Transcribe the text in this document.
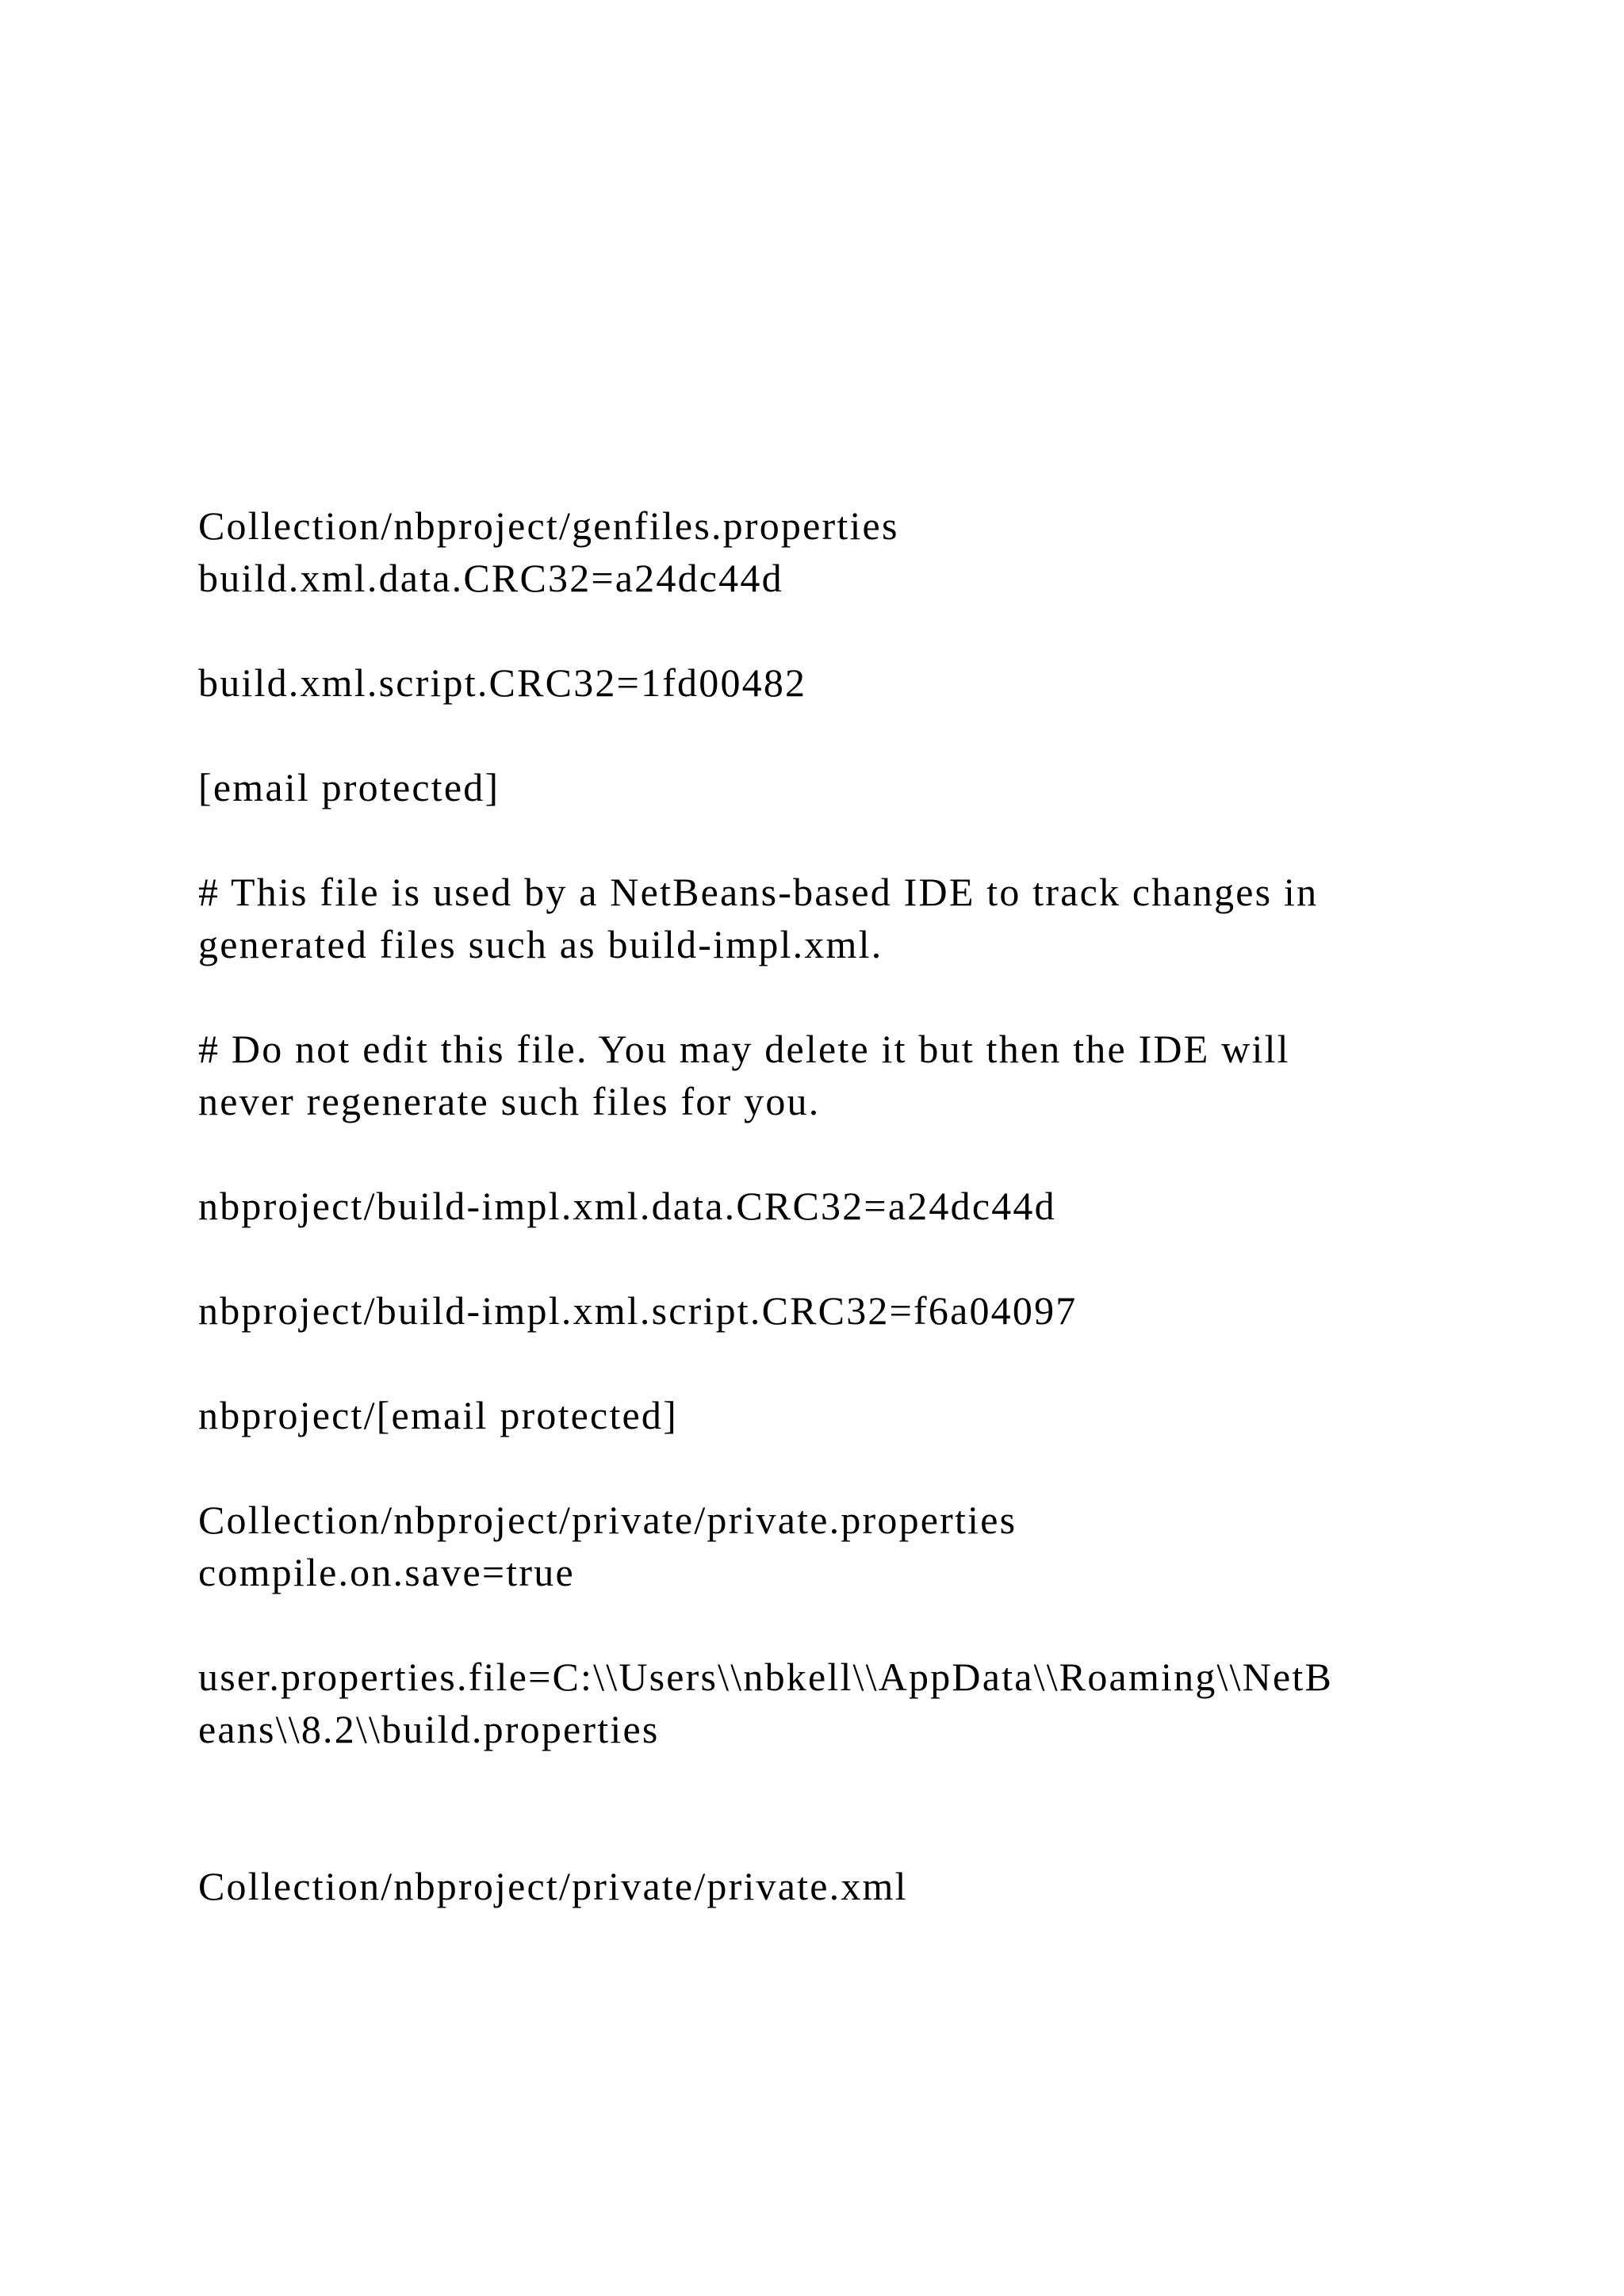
Collection/nbproject/genfiles.properties
build.xml.data.CRC32=a24dc44d
build.xml.script.CRC32=1fd00482
[email protected]
# This file is used by a NetBeans-based IDE to track changes in
generated files such as build-impl.xml.
# Do not edit this file. You may delete it but then the IDE will
never regenerate such files for you.
nbproject/build-impl.xml.data.CRC32=a24dc44d
nbproject/build-impl.xml.script.CRC32=f6a04097
nbproject/[email protected]
Collection/nbproject/private/private.properties
compile.on.save=true
user.properties.file=C:\\Users\\nbkell\\AppData\\Roaming\\NetB
eans\\8.2\\build.properties
Collection/nbproject/private/private.xml
